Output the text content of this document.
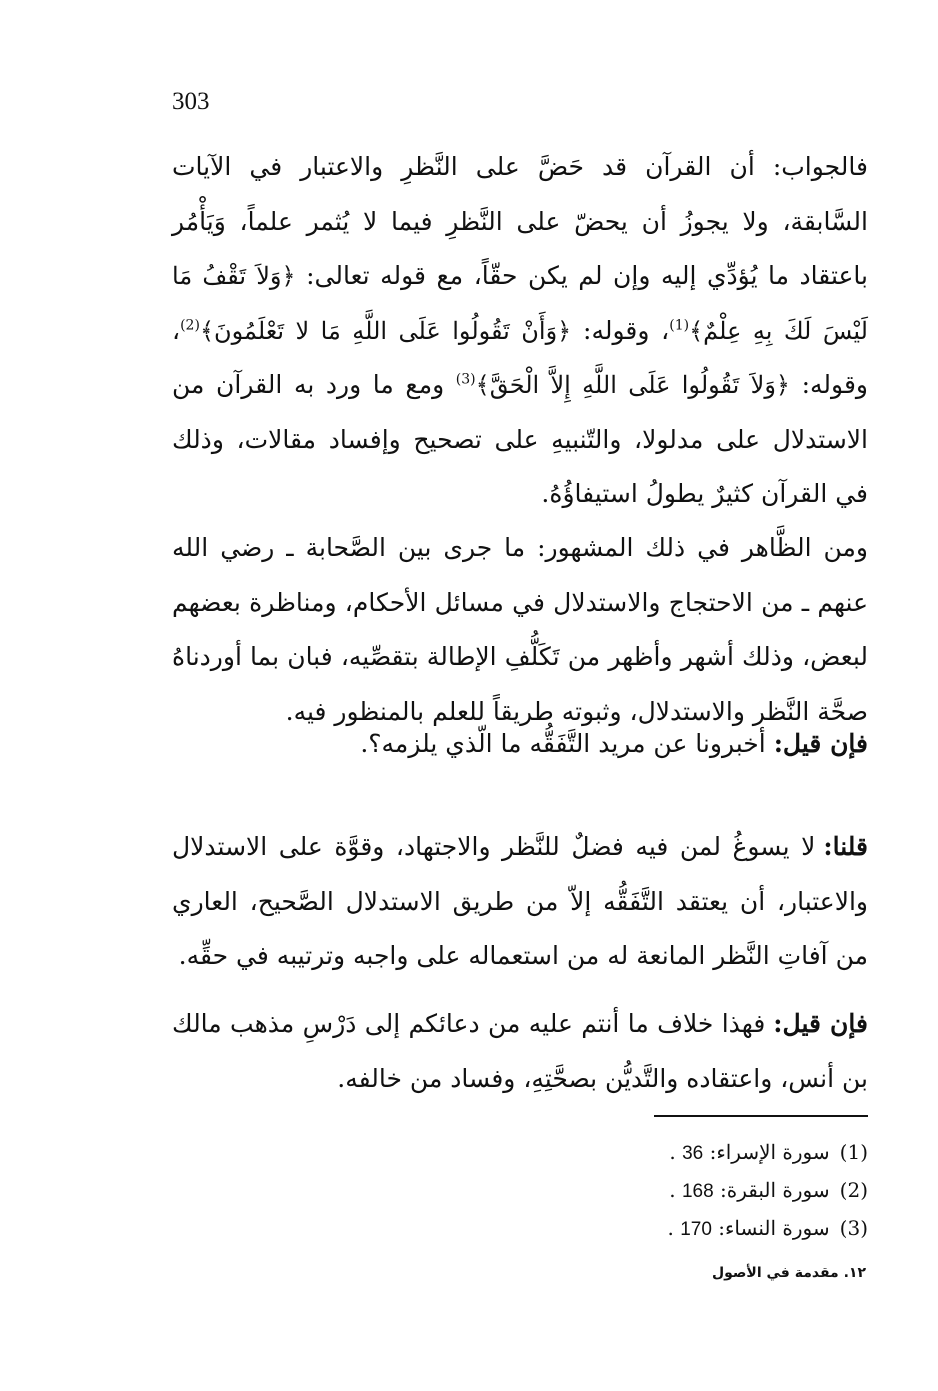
303
فالجواب: أن القرآن قد حَضَّ على النَّظرِ والاعتبار في الآيات السَّابقة، ولا يجوزُ أن يحضّ على النَّظرِ فيما لا يُثمر علماً، وَيَأْمُر باعتقاد ما يُؤدِّي إليه وإن لم يكن حقّاً، مع قوله تعالى: ﴿وَلاَ تَقْفُ مَا لَيْسَ لَكَ بِهِ عِلْمٌ﴾$^{(1)}$، وقوله: ﴿وَأَنْ تَقُولُوا عَلَى اللَّهِ مَا لا تَعْلَمُونَ﴾$^{(2)}$، وقوله: ﴿وَلاَ تَقُولُوا عَلَى اللَّهِ إِلاَّ الْحَقَّ﴾$^{(3)}$ ومع ما ورد به القرآن من الاستدلال على مدلولا، والتّنبيهِ على تصحيح وإفساد مقالات، وذلك في القرآن كثيرٌ يطولُ استيفاؤُهُ.
ومن الظَّاهر في ذلك المشهور: ما جرى بين الصَّحابة ـ رضي الله عنهم ـ من الاحتجاج والاستدلال في مسائل الأحكام، ومناظرة بعضهم لبعض، وذلك أشهر وأظهر من تَكَلُّفِ الإطالة بتقصِّيه، فبان بما أوردناهُ صحَّة النَّظر والاستدلال، وثبوته طريقاً للعلم بالمنظور فيه.
فإن قيل:أخبرونا عن مريد التَّفَقُّه ما الّذي يلزمه؟.
قلنا:لا يسوغُ لمن فيه فضلٌ للنَّظر والاجتهاد، وقوَّة على الاستدلال والاعتبار، أن يعتقد التَّفَقُّه إلاّ من طريق الاستدلال الصَّحيح، العاري من آفاتِ النَّظر المانعة له من استعماله على واجبه وترتيبه في حقِّه.
فإن قيل:فهذا خلاف ما أنتم عليه من دعائكم إلى دَرْسِ مذهب مالك بن أنس، واعتقاده والتَّديُّن بصحَّتِهِ، وفساد من خالفه.
(1)سورة الإسراء: 36 .
(2)سورة البقرة: 168 .
(3)سورة النساء: 170 .
١٢. مقدمة في الأصول
